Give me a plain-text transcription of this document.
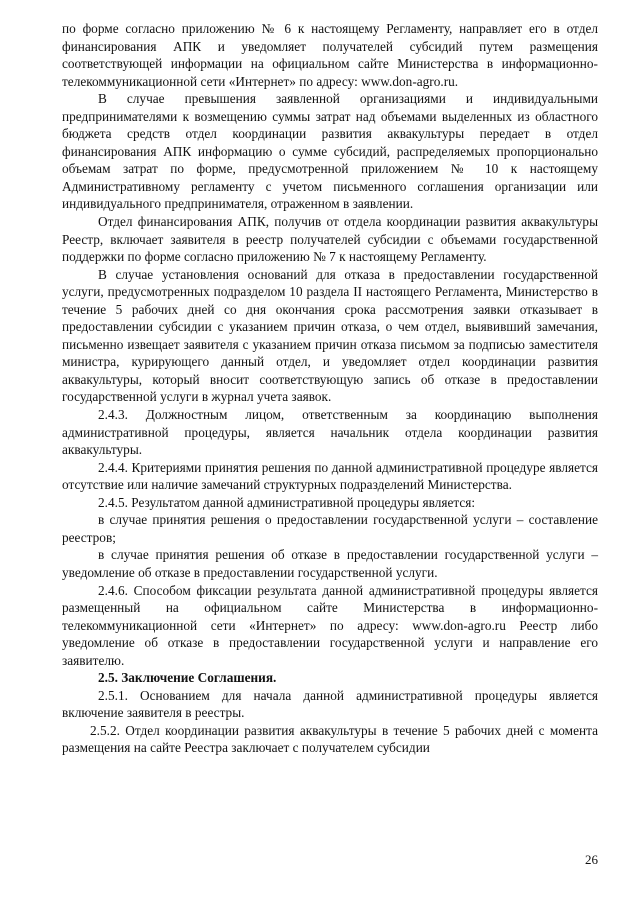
по форме согласно приложению № 6 к настоящему Регламенту, направляет его в отдел финансирования АПК и уведомляет получателей субсидий путем размещения соответствующей информации на официальном сайте Министерства в информационно-телекоммуникационной сети «Интернет» по адресу: www.don-agro.ru.

В случае превышения заявленной организациями и индивидуальными предпринимателями к возмещению суммы затрат над объемами выделенных из областного бюджета средств отдел координации развития аквакультуры передает в отдел финансирования АПК информацию о сумме субсидий, распределяемых пропорционально объемам затрат по форме, предусмотренной приложением № 10 к настоящему Административному регламенту с учетом письменного соглашения организации или индивидуального предпринимателя, отраженном в заявлении.

Отдел финансирования АПК, получив от отдела координации развития аквакультуры Реестр, включает заявителя в реестр получателей субсидии с объемами государственной поддержки по форме согласно приложению № 7 к настоящему Регламенту.

В случае установления оснований для отказа в предоставлении государственной услуги, предусмотренных подразделом 10 раздела II настоящего Регламента, Министерство в течение 5 рабочих дней со дня окончания срока рассмотрения заявки отказывает в предоставлении субсидии с указанием причин отказа, о чем отдел, выявивший замечания, письменно извещает заявителя с указанием причин отказа письмом за подписью заместителя министра, курирующего данный отдел, и уведомляет отдел координации развития аквакультуры, который вносит соответствующую запись об отказе в предоставлении государственной услуги в журнал учета заявок.

2.4.3. Должностным лицом, ответственным за координацию выполнения административной процедуры, является начальник отдела координации развития аквакультуры.

2.4.4. Критериями принятия решения по данной административной процедуре является отсутствие или наличие замечаний структурных подразделений Министерства.

2.4.5. Результатом данной административной процедуры является:

в случае принятия решения о предоставлении государственной услуги – составление реестров;

в случае принятия решения об отказе в предоставлении государственной услуги – уведомление об отказе в предоставлении государственной услуги.

2.4.6. Способом фиксации результата данной административной процедуры является размещенный на официальном сайте Министерства в информационно-телекоммуникационной сети «Интернет» по адресу: www.don-agro.ru Реестр либо уведомление об отказе в предоставлении государственной услуги и направление его заявителю.

2.5. Заключение Соглашения.

2.5.1. Основанием для начала данной административной процедуры является включение заявителя в реестры.

2.5.2. Отдел координации развития аквакультуры в течение 5 рабочих дней с момента размещения на сайте Реестра заключает с получателем субсидии

26
